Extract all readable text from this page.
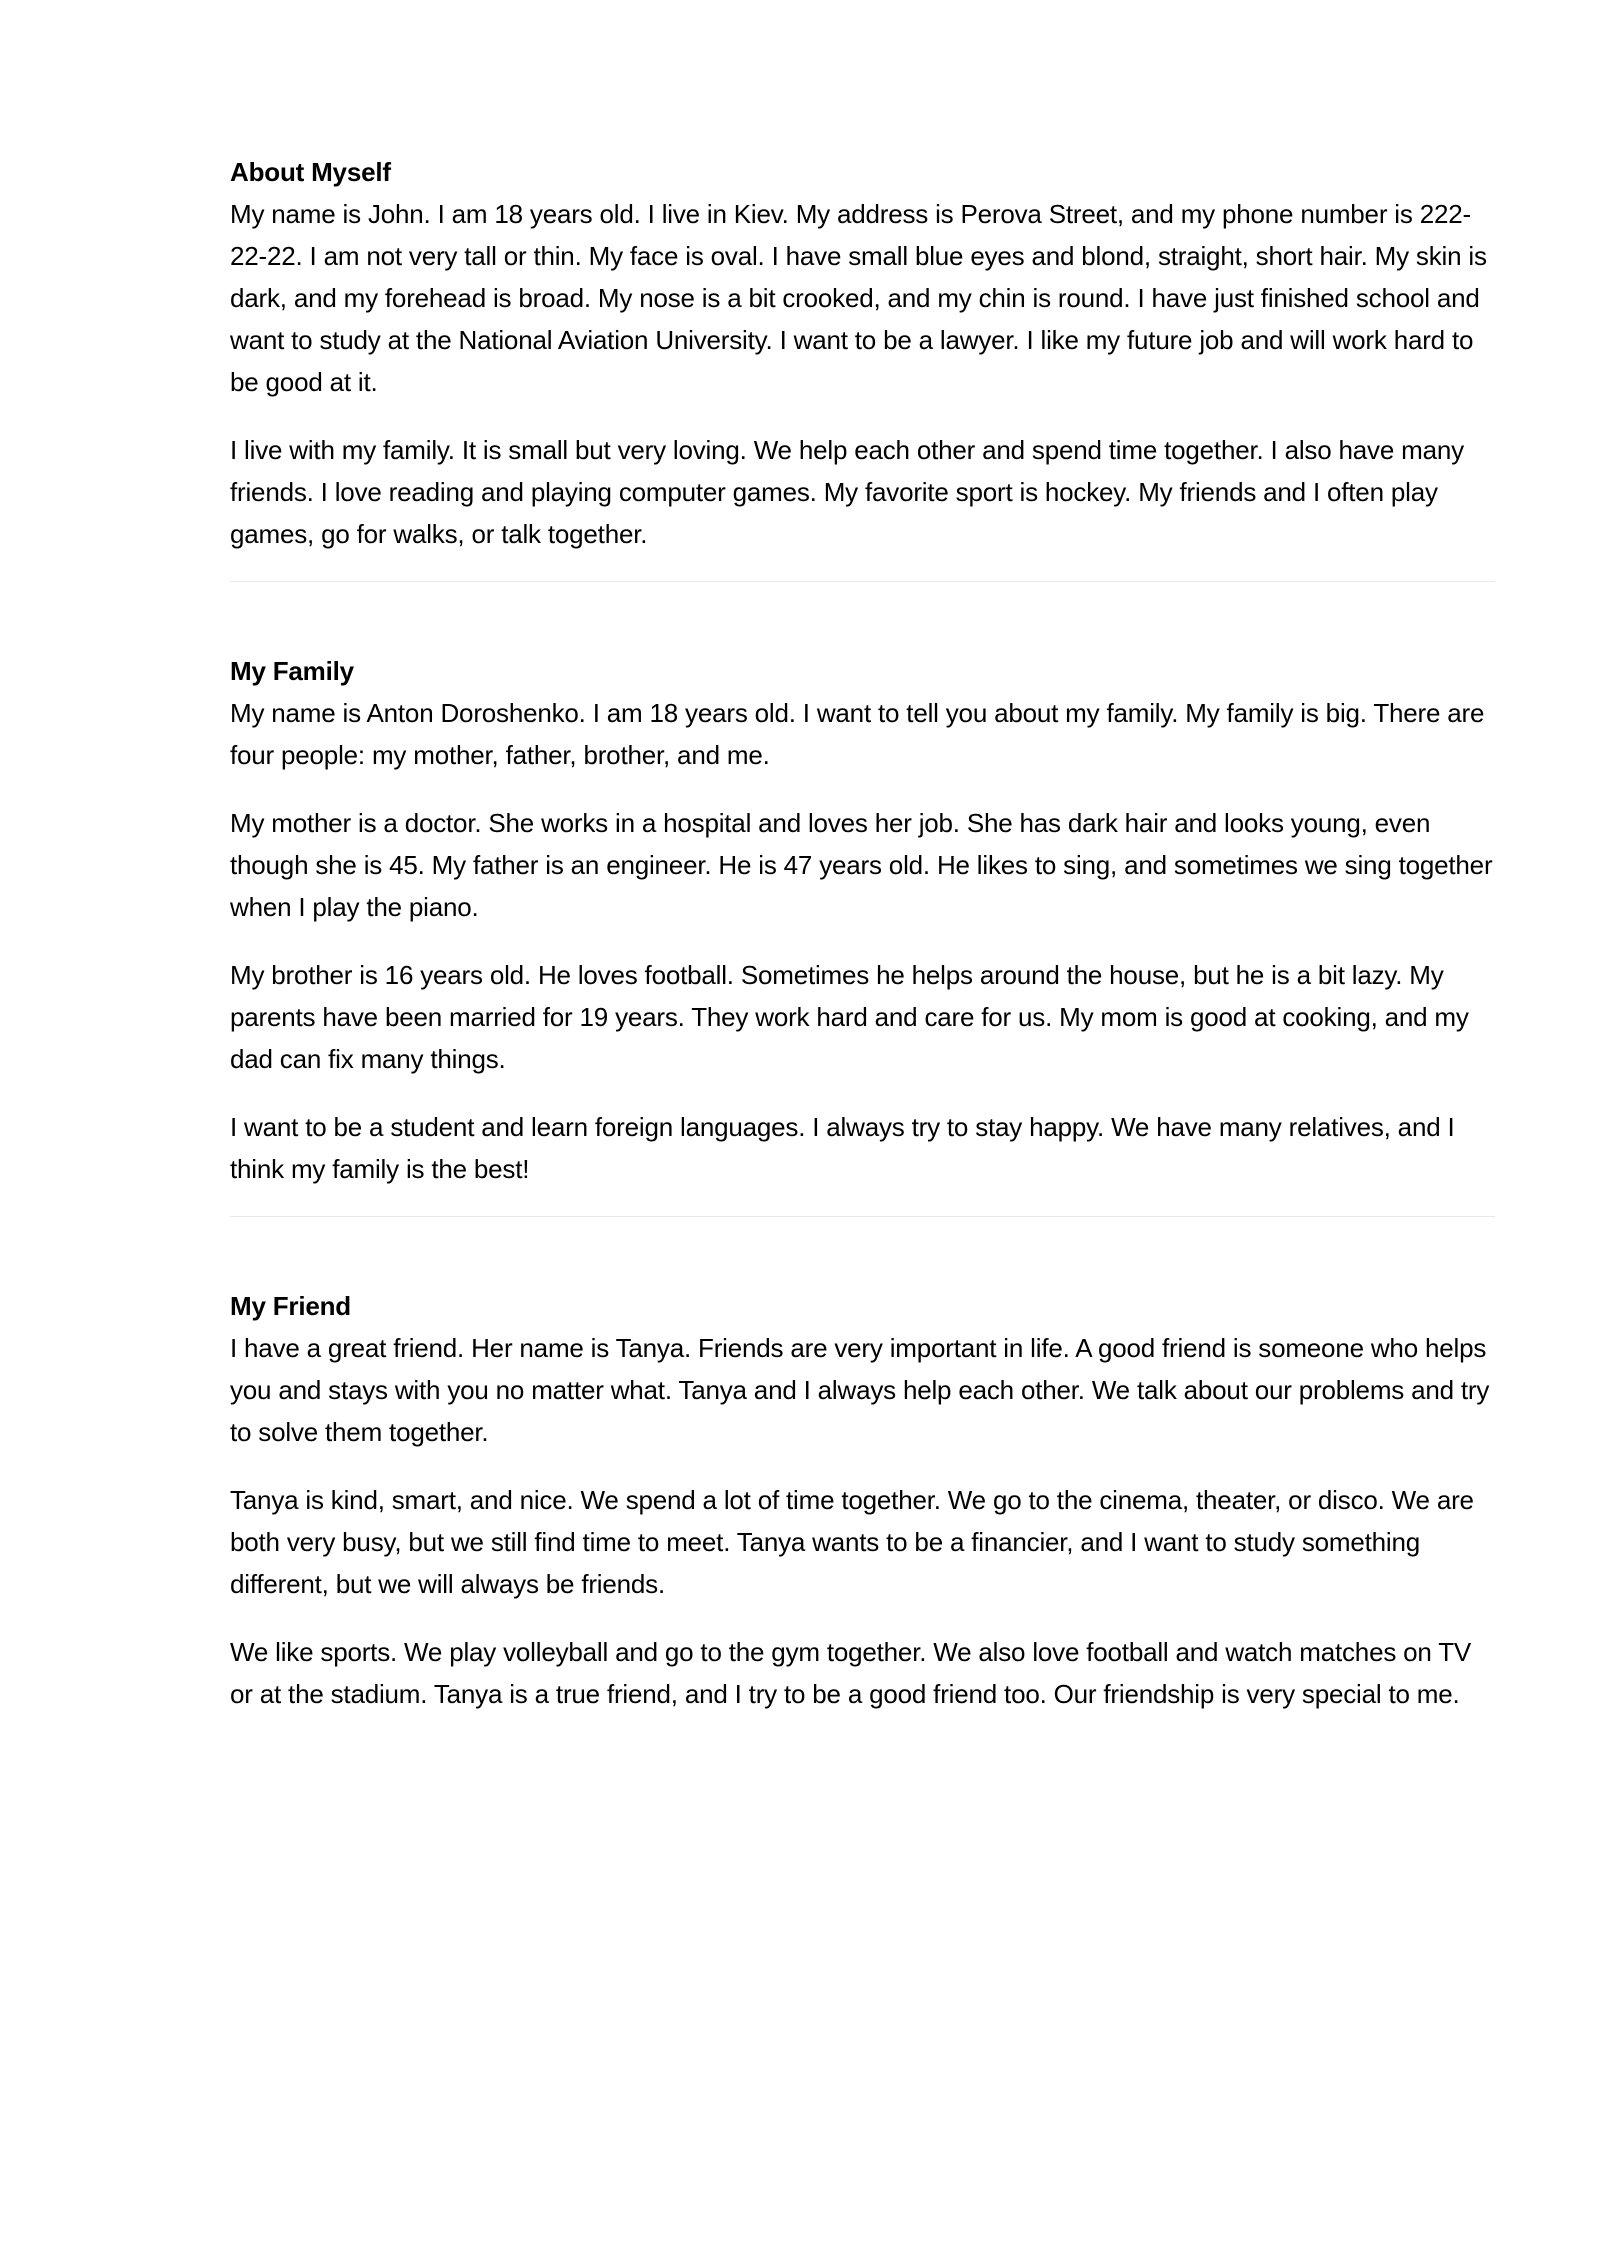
About Myself

My name is John. I am 18 years old. I live in Kiev. My address is Perova Street, and my phone number is 222-22-22. I am not very tall or thin. My face is oval. I have small blue eyes and blond, straight, short hair. My skin is dark, and my forehead is broad. My nose is a bit crooked, and my chin is round. I have just finished school and want to study at the National Aviation University. I want to be a lawyer. I like my future job and will work hard to be good at it.

I live with my family. It is small but very loving. We help each other and spend time together. I also have many friends. I love reading and playing computer games. My favorite sport is hockey. My friends and I often play games, go for walks, or talk together.

My Family

My name is Anton Doroshenko. I am 18 years old. I want to tell you about my family. My family is big. There are four people: my mother, father, brother, and me.

My mother is a doctor. She works in a hospital and loves her job. She has dark hair and looks young, even though she is 45. My father is an engineer. He is 47 years old. He likes to sing, and sometimes we sing together when I play the piano.

My brother is 16 years old. He loves football. Sometimes he helps around the house, but he is a bit lazy. My parents have been married for 19 years. They work hard and care for us. My mom is good at cooking, and my dad can fix many things.

I want to be a student and learn foreign languages. I always try to stay happy. We have many relatives, and I think my family is the best!

My Friend

I have a great friend. Her name is Tanya. Friends are very important in life. A good friend is someone who helps you and stays with you no matter what. Tanya and I always help each other. We talk about our problems and try to solve them together.

Tanya is kind, smart, and nice. We spend a lot of time together. We go to the cinema, theater, or disco. We are both very busy, but we still find time to meet. Tanya wants to be a financier, and I want to study something different, but we will always be friends.

We like sports. We play volleyball and go to the gym together. We also love football and watch matches on TV or at the stadium. Tanya is a true friend, and I try to be a good friend too. Our friendship is very special to me.
